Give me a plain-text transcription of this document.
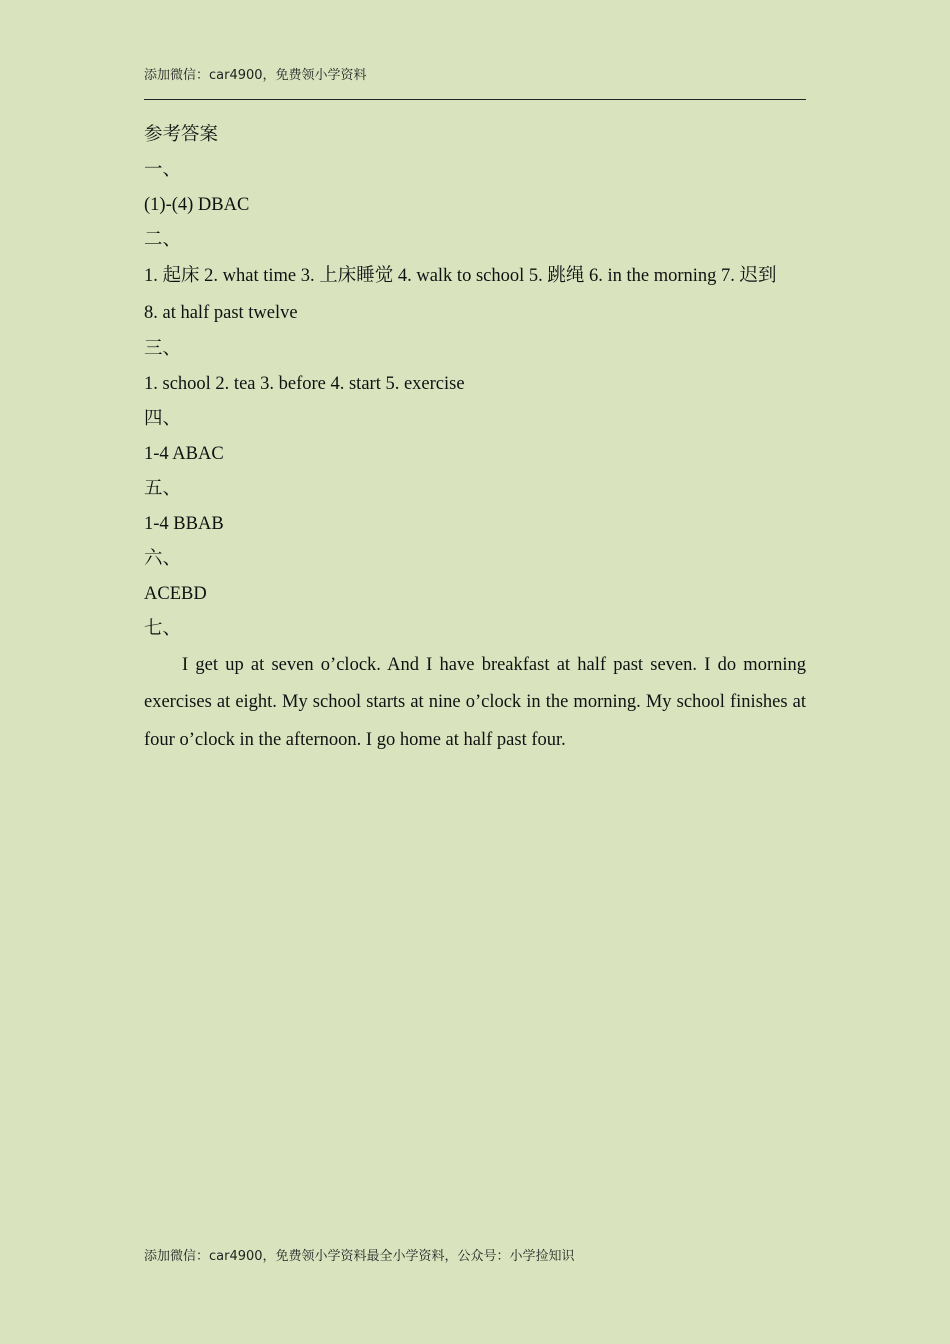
添加微信：car4900，免费领小学资料
参考答案
一、
(1)-(4) DBAC
二、
1. 起床 2. what time 3. 上床睡觉 4. walk to school 5. 跳绳 6. in the morning 7. 迟到
8. at half past twelve
三、
1. school 2. tea 3. before 4. start 5. exercise
四、
1-4 ABAC
五、
1-4 BBAB
六、
ACEBD
七、
I get up at seven o’clock. And I have breakfast at half past seven. I do morning exercises at eight. My school starts at nine o’clock in the morning. My school finishes at four o’clock in the afternoon. I go home at half past four.
添加微信：car4900，免费领小学资料最全小学资料，公众号：小学捡知识
